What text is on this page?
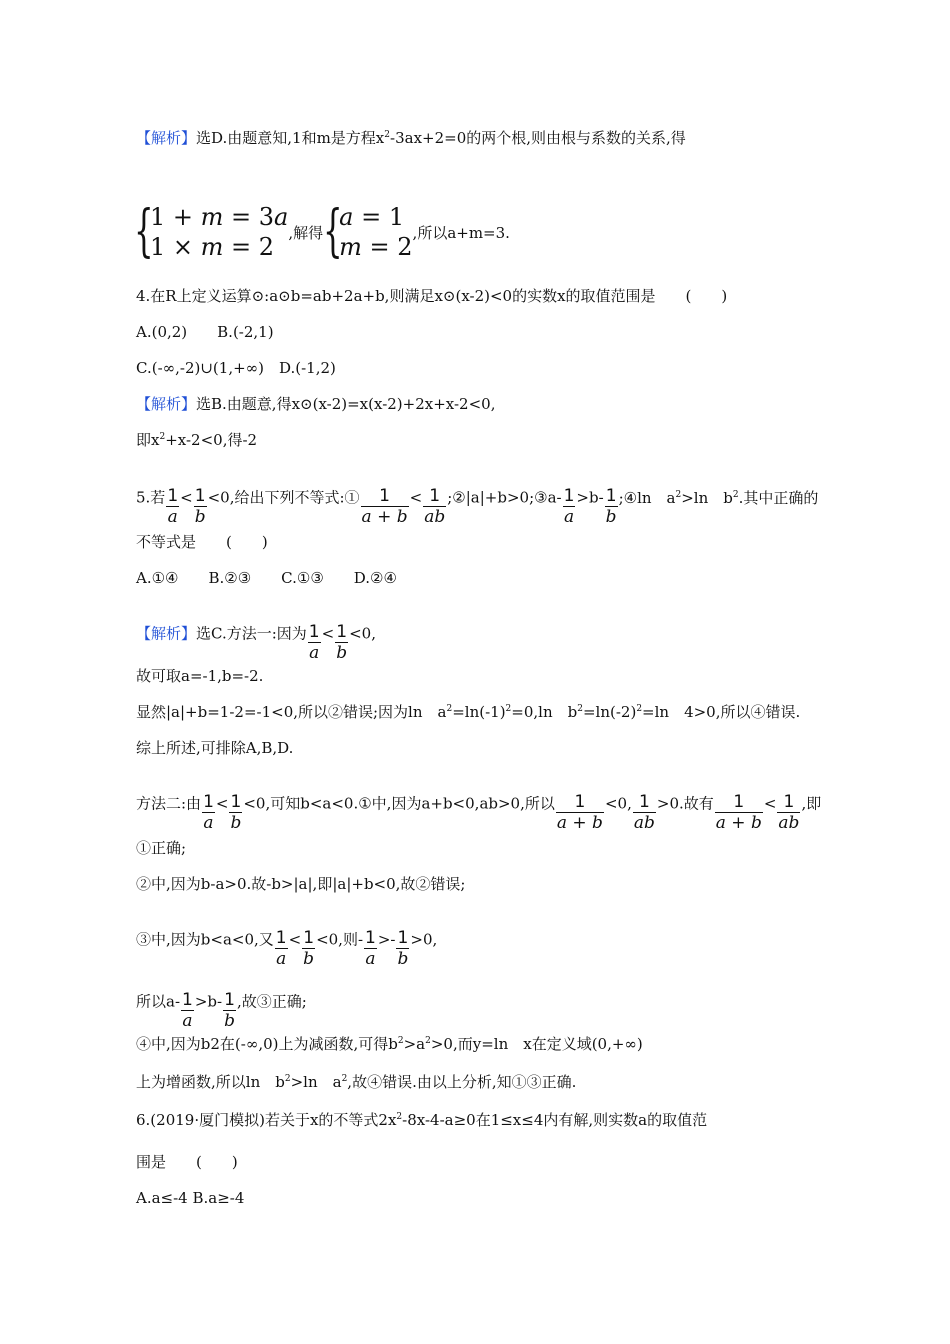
【解析】选D.由题意知,1和m是方程$x^2-3ax+2=0$的两个根,则由根与系数的关系,得
{1 + m = 3a
1 × m = 2,解得{a = 1
m = 2,所以a+m=3.
4.在R上定义运算⊙:a⊙b=ab+2a+b,则满足x⊙(x-2)<0的实数x的取值范围是　　(　　)
A.(0,2)　　B.(-2,1)
C.(-∞,-2)∪(1,+∞)　D.(-1,2)
【解析】选B.由题意,得x⊙(x-2)=x(x-2)+2x+x-2<0,
即$x^2+x-2<0$,得-2
5.若 $\frac{1}{a} < \frac{1}{b} <0$,给出下列不等式:① $\frac{1}{a + b} < \frac{1}{ab}$ ;②|a|+b>0;③a- $\frac{1}{a} >b- \frac{1}{b}$ ;④ln　$a^2>\ln$　$b^2$.其中正确的
不等式是　　(　　)
A.①④　　B.②③　　C.①③　　D.②④
【解析】选C.方法一:因为 $\frac{1}{a} < \frac{1}{b} <0$,
故可取a=-1,b=-2.
显然|a|+b=1-2=-1<0,所以②错误;因为ln　$a^2=\ln(-1)^2=0,\ln$　$b^2=\ln(-2)^2=\ln$　4>0,所以④错误.
综上所述,可排除A,B,D.
方法二:由 $\frac{1}{a} < \frac{1}{b} <0$,可知b<a<0.①中,因为a+b<0,ab>0,所以 $\frac{1}{a + b} <0$, $\frac{1}{ab} >0$.故有 $\frac{1}{a + b} < \frac{1}{ab}$ ,即
①正确;
②中,因为b-a>0.故-b>|a|,即|a|+b<0,故②错误;
③中,因为b<a<0,又 $\frac{1}{a} < \frac{1}{b} <0$,则- $\frac{1}{a} >- \frac{1}{b} >0$,
所以$a- \frac{1}{a} >b- \frac{1}{b}$ ,故③正确;
④中,因为b2在(-∞,0)上为减函数,可得$b^2>a^2>0$,而y=ln　x在定义域(0,+∞)
上为增函数,所以ln　$b^2>\ln$　$a^2$,故④错误.由以上分析,知①③正确.
6.(2019·厦门模拟)若关于x的不等式$2x^2-8x-4-a\ge 0$在1≤x≤4内有解,则实数a的取值范
围是　　(　　)
A.a≤-4 B.a≥-4
